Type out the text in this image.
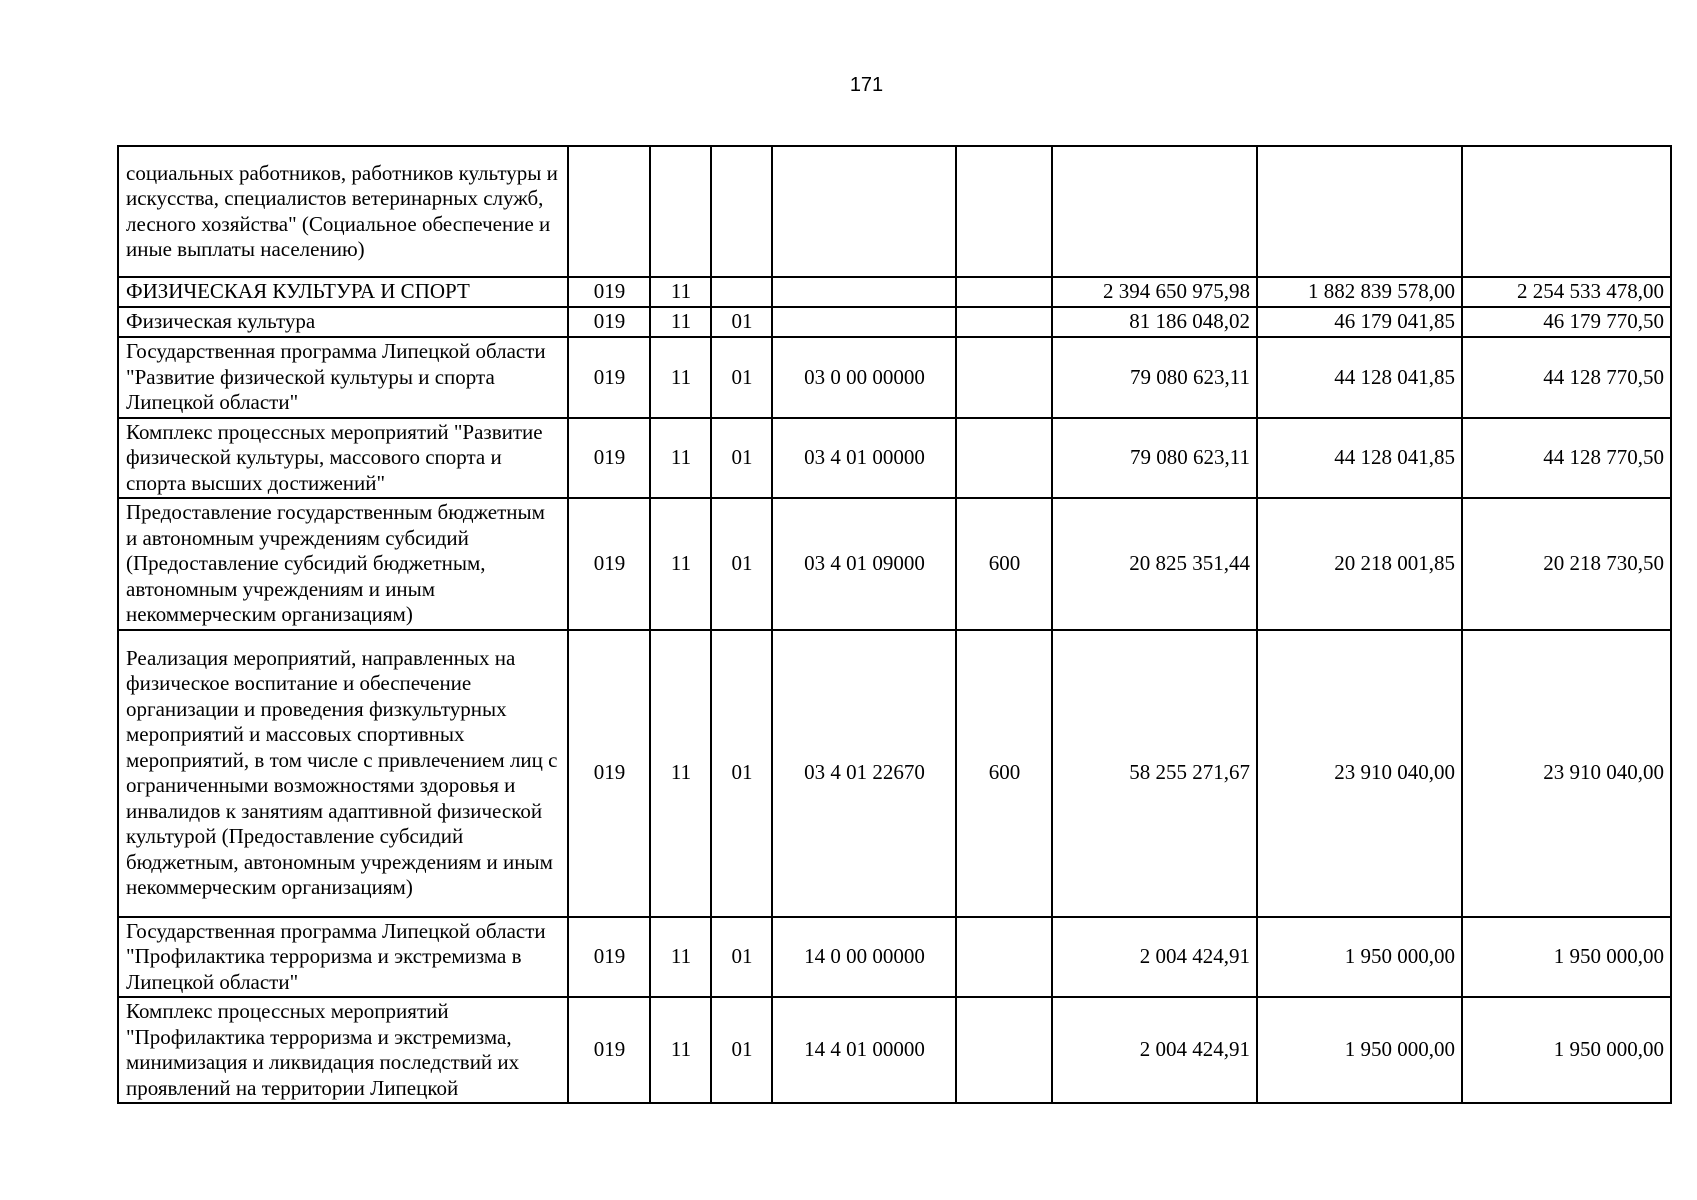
171
социальных работников, работников культуры и искусства, специалистов ветеринарных служб, лесного хозяйства" (Социальное обеспечение и иные выплаты населению)								
ФИЗИЧЕСКАЯ КУЛЬТУРА И СПОРТ	019	11				2 394 650 975,98	1 882 839 578,00	2 254 533 478,00
Физическая культура	019	11	01			81 186 048,02	46 179 041,85	46 179 770,50
Государственная программа Липецкой области "Развитие физической культуры и спорта Липецкой области"	019	11	01	03 0 00 00000		79 080 623,11	44 128 041,85	44 128 770,50
Комплекс процессных мероприятий "Развитие физической культуры, массового спорта и спорта высших достижений"	019	11	01	03 4 01 00000		79 080 623,11	44 128 041,85	44 128 770,50
Предоставление государственным бюджетным и автономным учреждениям субсидий (Предоставление субсидий бюджетным, автономным учреждениям и иным некоммерческим организациям)	019	11	01	03 4 01 09000	600	20 825 351,44	20 218 001,85	20 218 730,50
Реализация мероприятий, направленных на физическое воспитание и обеспечение организации и проведения физкультурных мероприятий и массовых спортивных мероприятий, в том числе с привлечением лиц с ограниченными возможностями здоровья и инвалидов к занятиям адаптивной физической культурой (Предоставление субсидий бюджетным, автономным учреждениям и иным некоммерческим организациям)	019	11	01	03 4 01 22670	600	58 255 271,67	23 910 040,00	23 910 040,00
Государственная программа Липецкой области "Профилактика терроризма и экстремизма в Липецкой области"	019	11	01	14 0 00 00000		2 004 424,91	1 950 000,00	1 950 000,00
Комплекс процессных мероприятий "Профилактика терроризма и экстремизма, минимизация и ликвидация последствий их проявлений на территории Липецкой	019	11	01	14 4 01 00000		2 004 424,91	1 950 000,00	1 950 000,00
